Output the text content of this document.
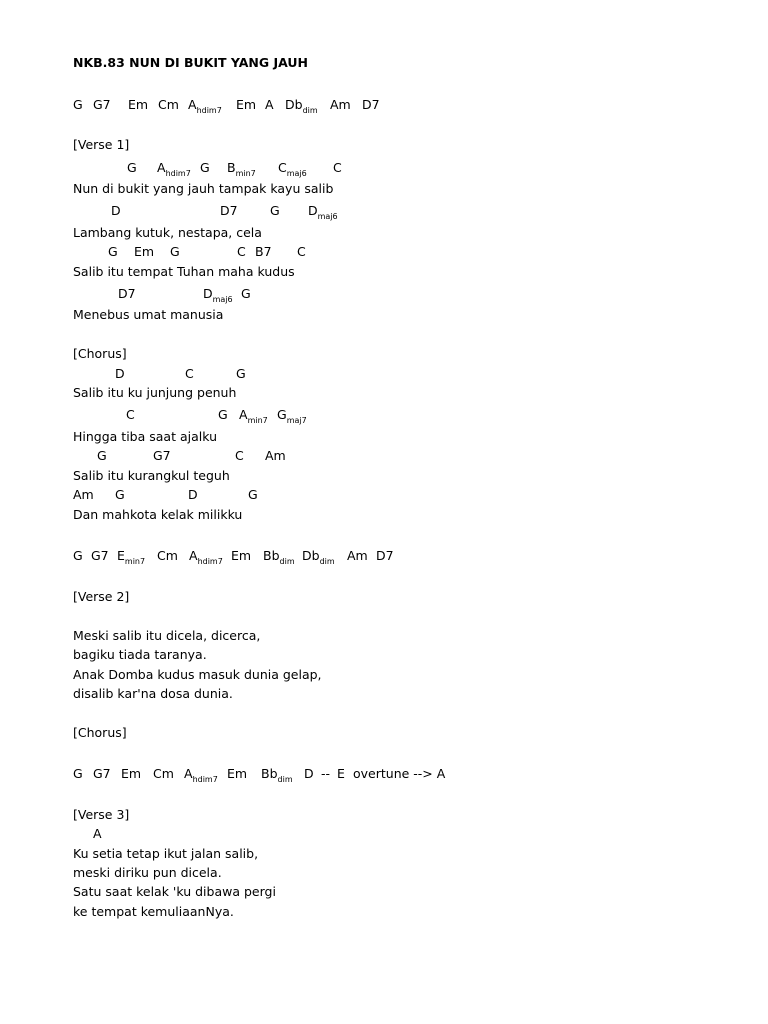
NKB.83 NUN DI BUKIT YANG JAUH
G G7 Em Cm $A_{hdim7}$ Em A $Db_{dim}$ Am D7
[Verse 1]
G $A_{hdim7}$ G $B_{min7}$ $C_{maj6}$ C
Nun di bukit yang jauh tampak kayu salib
D	D7	G $D_{maj6}$
Lambang kutuk, nestapa, cela
G Em G	C B7 C
Salib itu tempat Tuhan maha kudus
D7	$D_{maj6}$ G
Menebus umat manusia
[Chorus]
D	C	G
Salib itu ku junjung penuh
C	G $A_{min7}$ $G_{maj7}$
Hingga tiba saat ajalku
G	G7	C Am
Salib itu kurangkul teguh
Am G	D	G
Dan mahkota kelak milikku
G G7 $E_{min7}$ Cm $A_{hdim7}$ Em $Bb_{dim}$ $Db_{dim}$ Am D7
[Verse 2]
Meski salib itu dicela, dicerca,
bagiku tiada taranya.
Anak Domba kudus masuk dunia gelap,
disalib kar'na dosa dunia.
[Chorus]
G G7 Em Cm $A_{hdim7}$ Em $Bb_{dim}$ D -- E overtune --> A
[Verse 3]
A
Ku setia tetap ikut jalan salib,
meski diriku pun dicela.
Satu saat kelak 'ku dibawa pergi
ke tempat kemuliaanNya.
